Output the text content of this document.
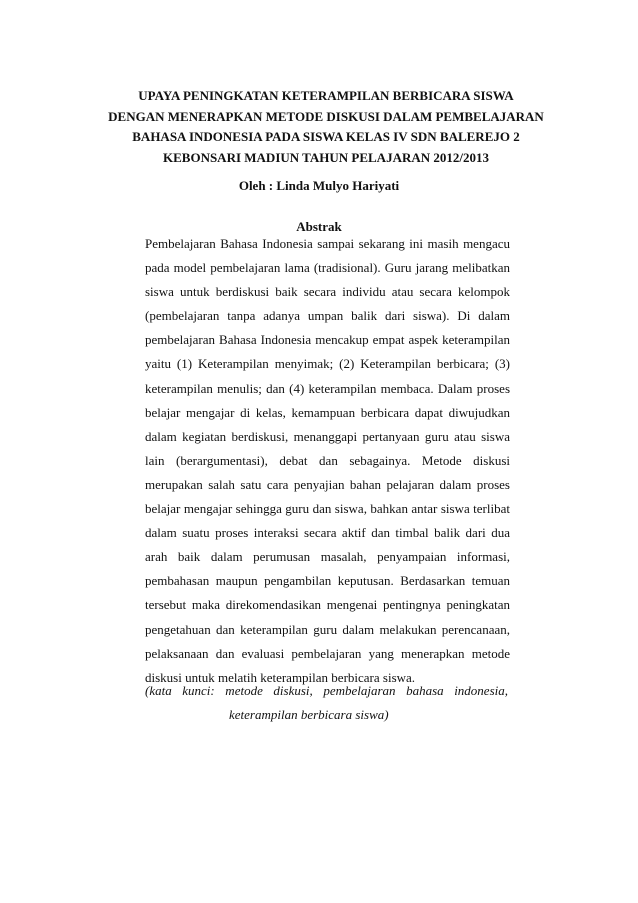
UPAYA PENINGKATAN KETERAMPILAN BERBICARA SISWA
DENGAN MENERAPKAN METODE DISKUSI DALAM PEMBELAJARAN
BAHASA INDONESIA PADA SISWA KELAS IV SDN BALEREJO 2
KEBONSARI MADIUN TAHUN PELAJARAN 2012/2013
Oleh : Linda Mulyo Hariyati
Abstrak
Pembelajaran Bahasa Indonesia sampai sekarang ini masih mengacu
pada model pembelajaran lama (tradisional). Guru jarang melibatkan
siswa untuk berdiskusi baik secara individu atau secara kelompok
(pembelajaran tanpa adanya umpan balik dari siswa). Di dalam
pembelajaran Bahasa Indonesia mencakup empat aspek keterampilan
yaitu (1) Keterampilan menyimak; (2) Keterampilan berbicara; (3)
keterampilan menulis; dan (4) keterampilan membaca. Dalam proses
belajar mengajar di kelas, kemampuan berbicara dapat diwujudkan
dalam kegiatan berdiskusi, menanggapi pertanyaan guru atau siswa
lain (berargumentasi), debat dan sebagainya. Metode diskusi
merupakan salah satu cara penyajian bahan pelajaran dalam proses
belajar mengajar sehingga guru dan siswa, bahkan antar siswa terlibat
dalam suatu proses interaksi secara aktif dan timbal balik dari dua
arah baik dalam perumusan masalah, penyampaian informasi,
pembahasan maupun pengambilan keputusan. Berdasarkan temuan
tersebut maka direkomendasikan mengenai pentingnya peningkatan
pengetahuan dan keterampilan guru dalam melakukan perencanaan,
pelaksanaan dan evaluasi pembelajaran yang menerapkan metode
diskusi untuk melatih keterampilan berbicara siswa.
(kata kunci: metode diskusi, pembelajaran bahasa indonesia,
keterampilan berbicara siswa)
